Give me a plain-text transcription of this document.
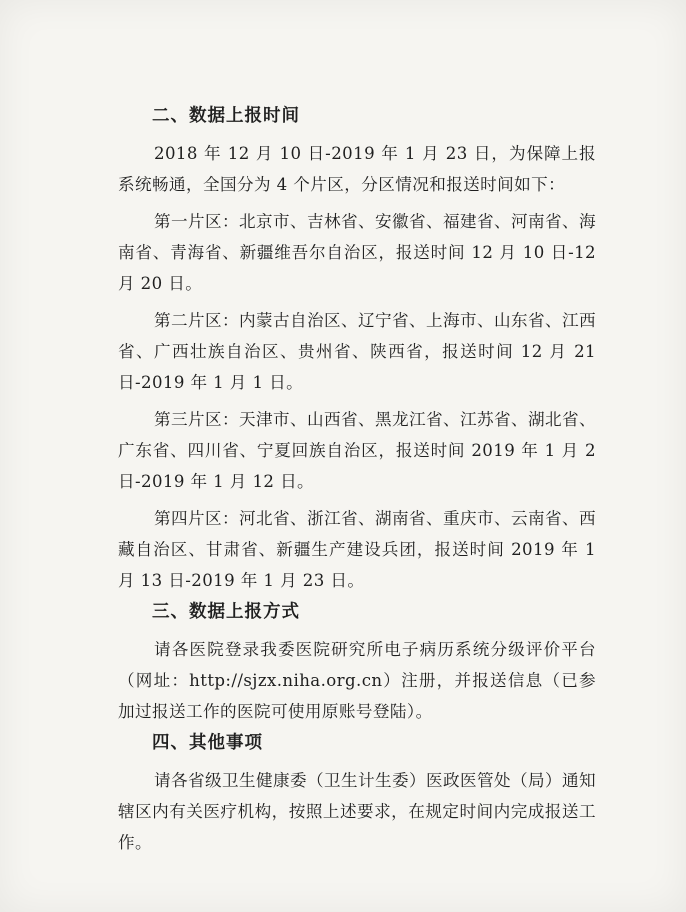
二、数据上报时间

2018 年 12 月 10 日-2019 年 1 月 23 日，为保障上报系统畅通，全国分为 4 个片区，分区情况和报送时间如下：

第一片区：北京市、吉林省、安徽省、福建省、河南省、海南省、青海省、新疆维吾尔自治区，报送时间 12 月 10 日-12 月 20 日。

第二片区：内蒙古自治区、辽宁省、上海市、山东省、江西省、广西壮族自治区、贵州省、陕西省，报送时间 12 月 21 日-2019 年 1 月 1 日。

第三片区：天津市、山西省、黑龙江省、江苏省、湖北省、广东省、四川省、宁夏回族自治区，报送时间 2019 年 1 月 2 日-2019 年 1 月 12 日。

第四片区：河北省、浙江省、湖南省、重庆市、云南省、西藏自治区、甘肃省、新疆生产建设兵团，报送时间 2019 年 1 月 13 日-2019 年 1 月 23 日。

三、数据上报方式

请各医院登录我委医院研究所电子病历系统分级评价平台（网址：http://sjzx.niha.org.cn）注册，并报送信息（已参加过报送工作的医院可使用原账号登陆）。

四、其他事项

请各省级卫生健康委（卫生计生委）医政医管处（局）通知辖区内有关医疗机构，按照上述要求，在规定时间内完成报送工作。
